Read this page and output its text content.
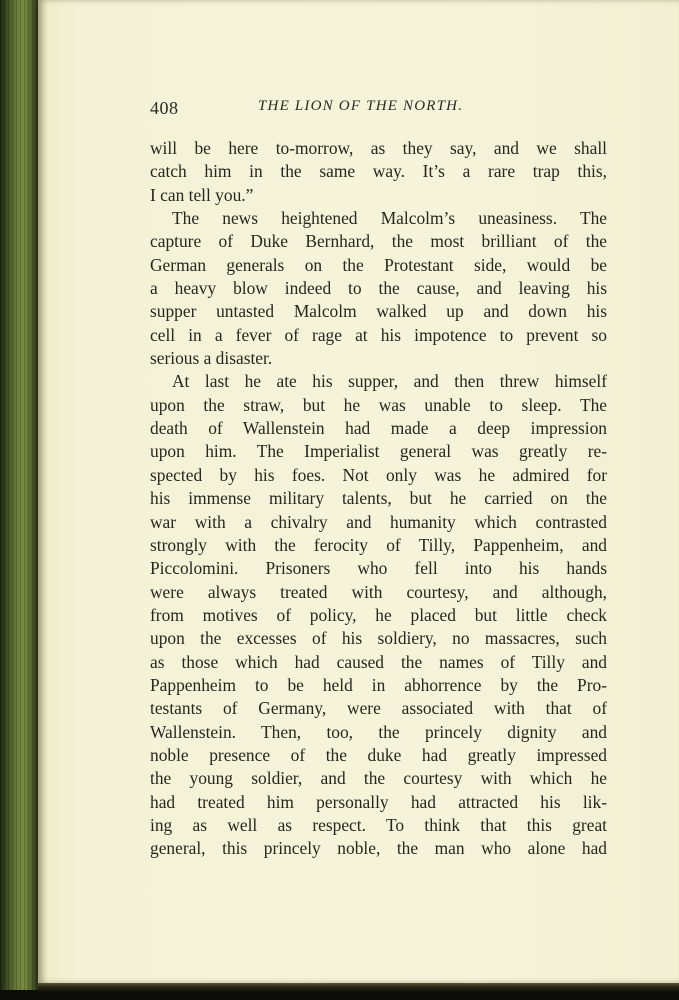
408	THE LION OF THE NORTH.
will be here to-morrow, as they say, and we shall
catch him in the same way. It’s a rare trap this,
I can tell you.”
The news heightened Malcolm’s uneasiness. The
capture of Duke Bernhard, the most brilliant of the
German generals on the Protestant side, would be
a heavy blow indeed to the cause, and leaving his
supper untasted Malcolm walked up and down his
cell in a fever of rage at his impotence to prevent so
serious a disaster.
At last he ate his supper, and then threw himself
upon the straw, but he was unable to sleep. The
death of Wallenstein had made a deep impression
upon him. The Imperialist general was greatly re-
spected by his foes. Not only was he admired for
his immense military talents, but he carried on the
war with a chivalry and humanity which contrasted
strongly with the ferocity of Tilly, Pappenheim, and
Piccolomini. Prisoners who fell into his hands
were always treated with courtesy, and although,
from motives of policy, he placed but little check
upon the excesses of his soldiery, no massacres, such
as those which had caused the names of Tilly and
Pappenheim to be held in abhorrence by the Pro-
testants of Germany, were associated with that of
Wallenstein. Then, too, the princely dignity and
noble presence of the duke had greatly impressed
the young soldier, and the courtesy with which he
had treated him personally had attracted his lik-
ing as well as respect. To think that this great
general, this princely noble, the man who alone had
